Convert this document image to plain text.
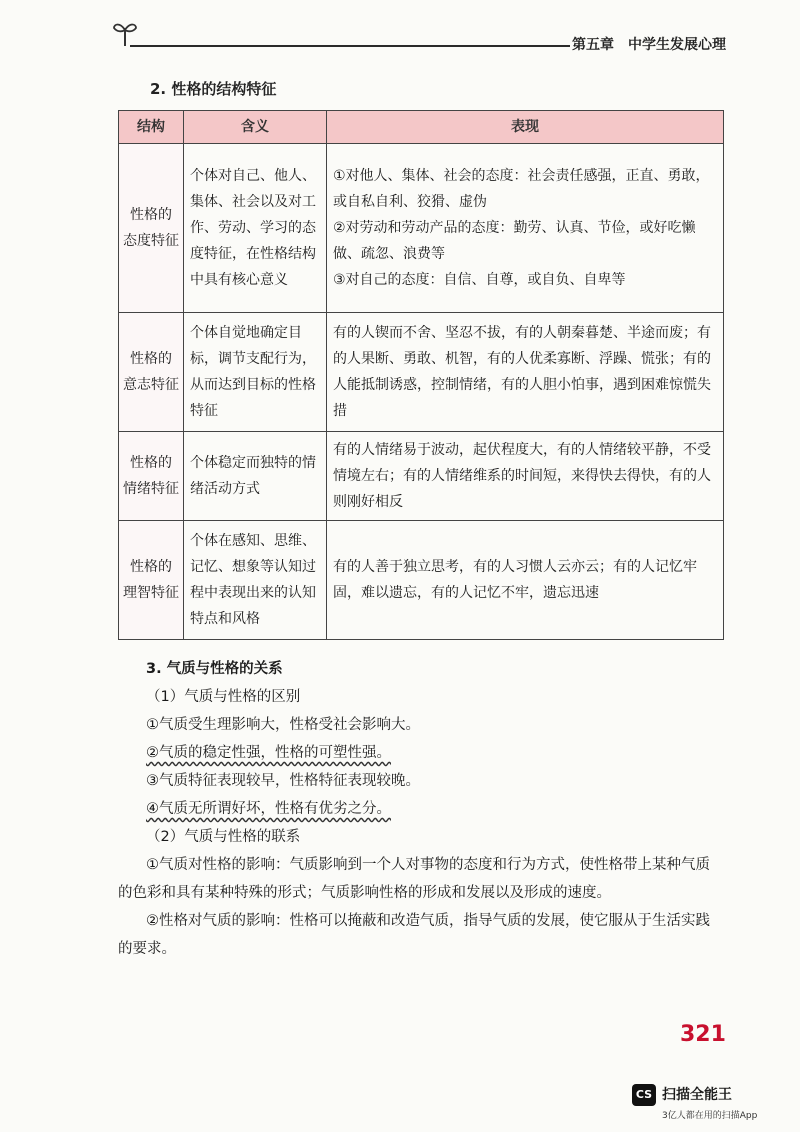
第五章 中学生发展心理
2. 性格的结构特征
结构	含义	表现

性格的
态度特征	个体对自己、他人、集体、社会以及对工作、劳动、学习的态度特征，在性格结构中具有核心意义	①对他人、集体、社会的态度：社会责任感强，正直、勇敢，或自私自利、狡猾、虚伪
②对劳动和劳动产品的态度：勤劳、认真、节俭，或好吃懒做、疏忽、浪费等
③对自己的态度：自信、自尊，或自负、自卑等

性格的
意志特征	个体自觉地确定目标，调节支配行为，从而达到目标的性格特征	有的人锲而不舍、坚忍不拔，有的人朝秦暮楚、半途而废；有的人果断、勇敢、机智，有的人优柔寡断、浮躁、慌张；有的人能抵制诱惑，控制情绪，有的人胆小怕事，遇到困难惊慌失措

性格的
情绪特征	个体稳定而独特的情绪活动方式	有的人情绪易于波动，起伏程度大，有的人情绪较平静，不受情境左右；有的人情绪维系的时间短，来得快去得快，有的人则刚好相反

性格的
理智特征	个体在感知、思维、记忆、想象等认知过程中表现出来的认知特点和风格	有的人善于独立思考，有的人习惯人云亦云；有的人记忆牢固，难以遗忘，有的人记忆不牢，遗忘迅速
3. 气质与性格的关系
（1）气质与性格的区别
①气质受生理影响大，性格受社会影响大。
②气质的稳定性强，性格的可塑性强。
③气质特征表现较早，性格特征表现较晚。
④气质无所谓好坏，性格有优劣之分。
（2）气质与性格的联系
①气质对性格的影响：气质影响到一个人对事物的态度和行为方式，使性格带上某种气质的色彩和具有某种特殊的形式；气质影响性格的形成和发展以及形成的速度。
②性格对气质的影响：性格可以掩蔽和改造气质，指导气质的发展，使它服从于生活实践的要求。
321
CS 扫描全能王
3亿人都在用的扫描App
